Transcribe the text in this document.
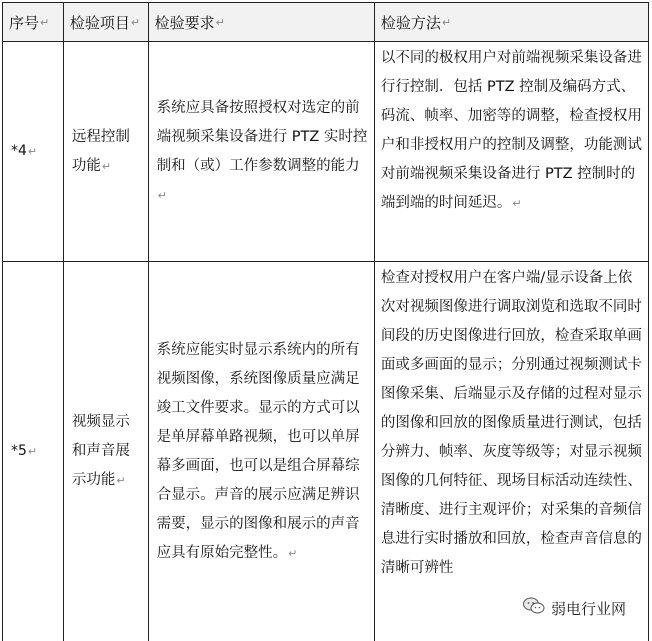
序号 ↵ 检验项目 ↵ 检验要求 ↵	检验方法 ↵
*4 ↵
远程控制功能↵
系统应具备按照授权对选定的前端视频采集设备进行 PTZ 实时控制和（或）工作参数调整的能力↵
以不同的极权用户对前端视频采集设备进行行控制．包括 PTZ 控制及编码方式、码流、帧率、加密等的调整，检查授权用户和非授权用户的控制及调整，功能测试对前端视频采集设备进行 PTZ 控制时的端到端的时间延迟。↵
*5 ↵
视频显示和声音展示功能↵
系统应能实时显示系统内的所有视频图像，系统图像质量应满足竣工文件要求。显示的方式可以是单屏幕单路视频，也可以单屏幕多画面，也可以是组合屏幕综合显示。声音的展示应满足辨识需要，显示的图像和展示的声音应具有原始完整性。↵
检查对授权用户在客户端/显示设备上依次对视频图像进行调取浏览和选取不同时间段的历史图像进行回放，检查采取单画面或多画面的显示；分别通过视频测试卡图像采集、后端显示及存储的过程对显示的图像和回放的图像质量进行测试，包括分辨力、帧率、灰度等级等；对显示视频图像的几何特征、现场目标活动连续性、清晰度、进行主观评价；对采集的音频信息进行实时播放和回放，检查声音信息的清晰可辨性
弱电行业网
